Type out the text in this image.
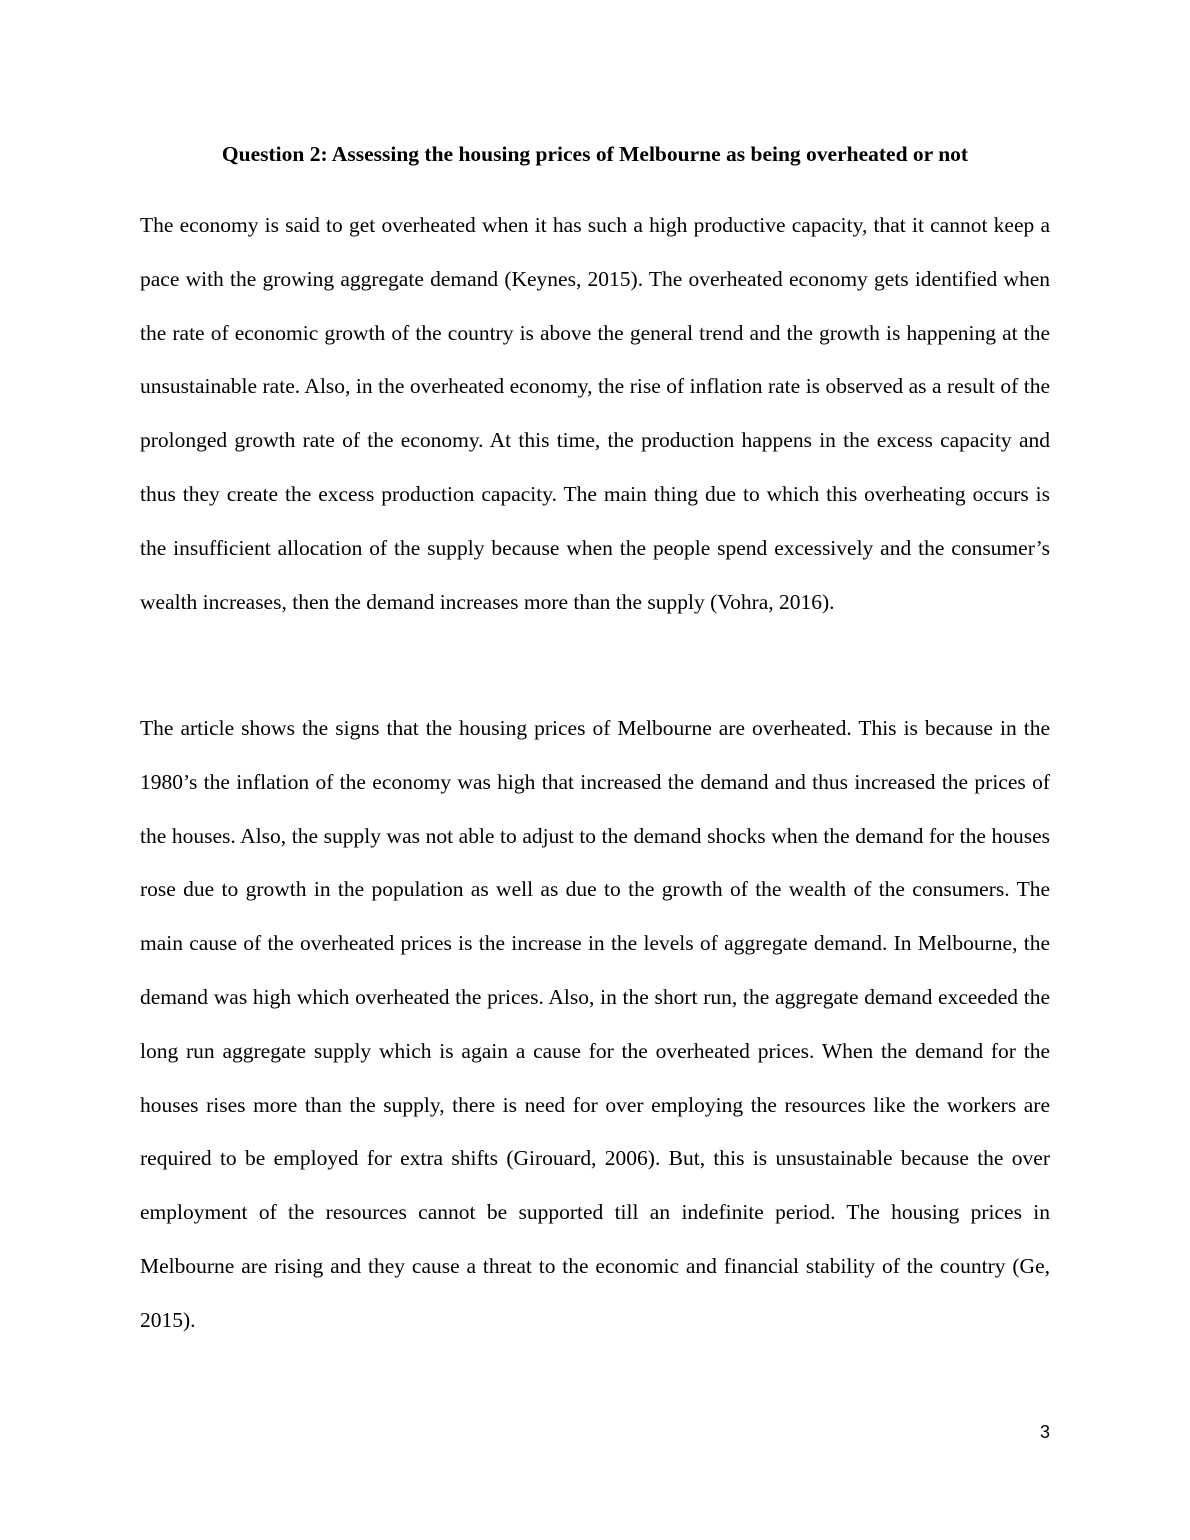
Question 2: Assessing the housing prices of Melbourne as being overheated or not

The economy is said to get overheated when it has such a high productive capacity, that it cannot keep a pace with the growing aggregate demand (Keynes, 2015). The overheated economy gets identified when the rate of economic growth of the country is above the general trend and the growth is happening at the unsustainable rate. Also, in the overheated economy, the rise of inflation rate is observed as a result of the prolonged growth rate of the economy. At this time, the production happens in the excess capacity and thus they create the excess production capacity. The main thing due to which this overheating occurs is the insufficient allocation of the supply because when the people spend excessively and the consumer’s wealth increases, then the demand increases more than the supply (Vohra, 2016).

The article shows the signs that the housing prices of Melbourne are overheated. This is because in the 1980’s the inflation of the economy was high that increased the demand and thus increased the prices of the houses. Also, the supply was not able to adjust to the demand shocks when the demand for the houses rose due to growth in the population as well as due to the growth of the wealth of the consumers. The main cause of the overheated prices is the increase in the levels of aggregate demand. In Melbourne, the demand was high which overheated the prices. Also, in the short run, the aggregate demand exceeded the long run aggregate supply which is again a cause for the overheated prices. When the demand for the houses rises more than the supply, there is need for over employing the resources like the workers are required to be employed for extra shifts (Girouard, 2006). But, this is unsustainable because the over employment of the resources cannot be supported till an indefinite period. The housing prices in Melbourne are rising and they cause a threat to the economic and financial stability of the country (Ge, 2015).

3
